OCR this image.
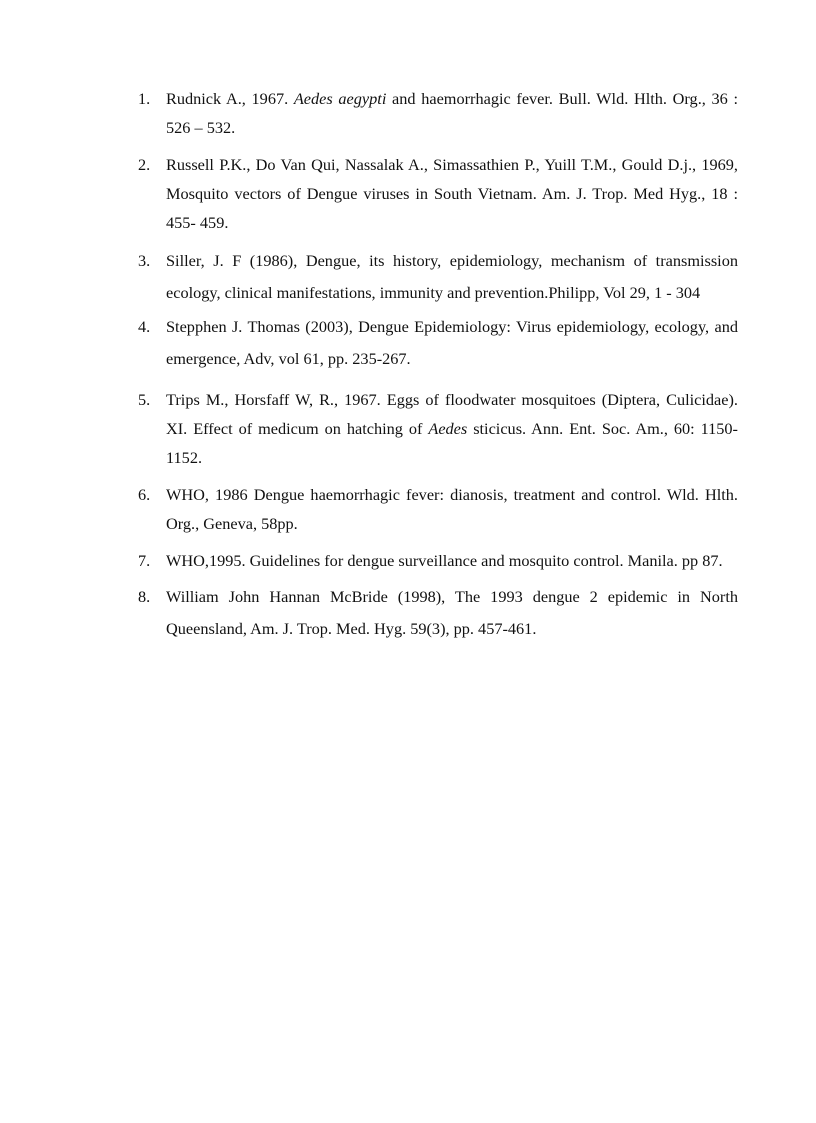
1. Rudnick A., 1967. Aedes aegypti and haemorrhagic fever. Bull. Wld. Hlth. Org., 36 : 526 – 532.
2. Russell P.K., Do Van Qui, Nassalak A., Simassathien P., Yuill T.M., Gould D.j., 1969, Mosquito vectors of Dengue viruses in South Vietnam. Am. J. Trop. Med Hyg., 18 : 455- 459.
3. Siller, J. F (1986), Dengue, its history, epidemiology, mechanism of transmission ecology, clinical manifestations, immunity and prevention.Philipp, Vol 29, 1 - 304
4. Stepphen J. Thomas (2003), Dengue Epidemiology: Virus epidemiology, ecology, and emergence, Adv, vol 61, pp. 235-267.
5. Trips M., Horsfaff W, R., 1967. Eggs of floodwater mosquitoes (Diptera, Culicidae). XI. Effect of medicum on hatching of Aedes sticicus. Ann. Ent. Soc. Am., 60: 1150-1152.
6. WHO, 1986 Dengue haemorrhagic fever: dianosis, treatment and control. Wld. Hlth. Org., Geneva, 58pp.
7. WHO,1995. Guidelines for dengue surveillance and mosquito control. Manila. pp 87.
8. William John Hannan McBride (1998), The 1993 dengue 2 epidemic in North Queensland, Am. J. Trop. Med. Hyg. 59(3), pp. 457-461.
